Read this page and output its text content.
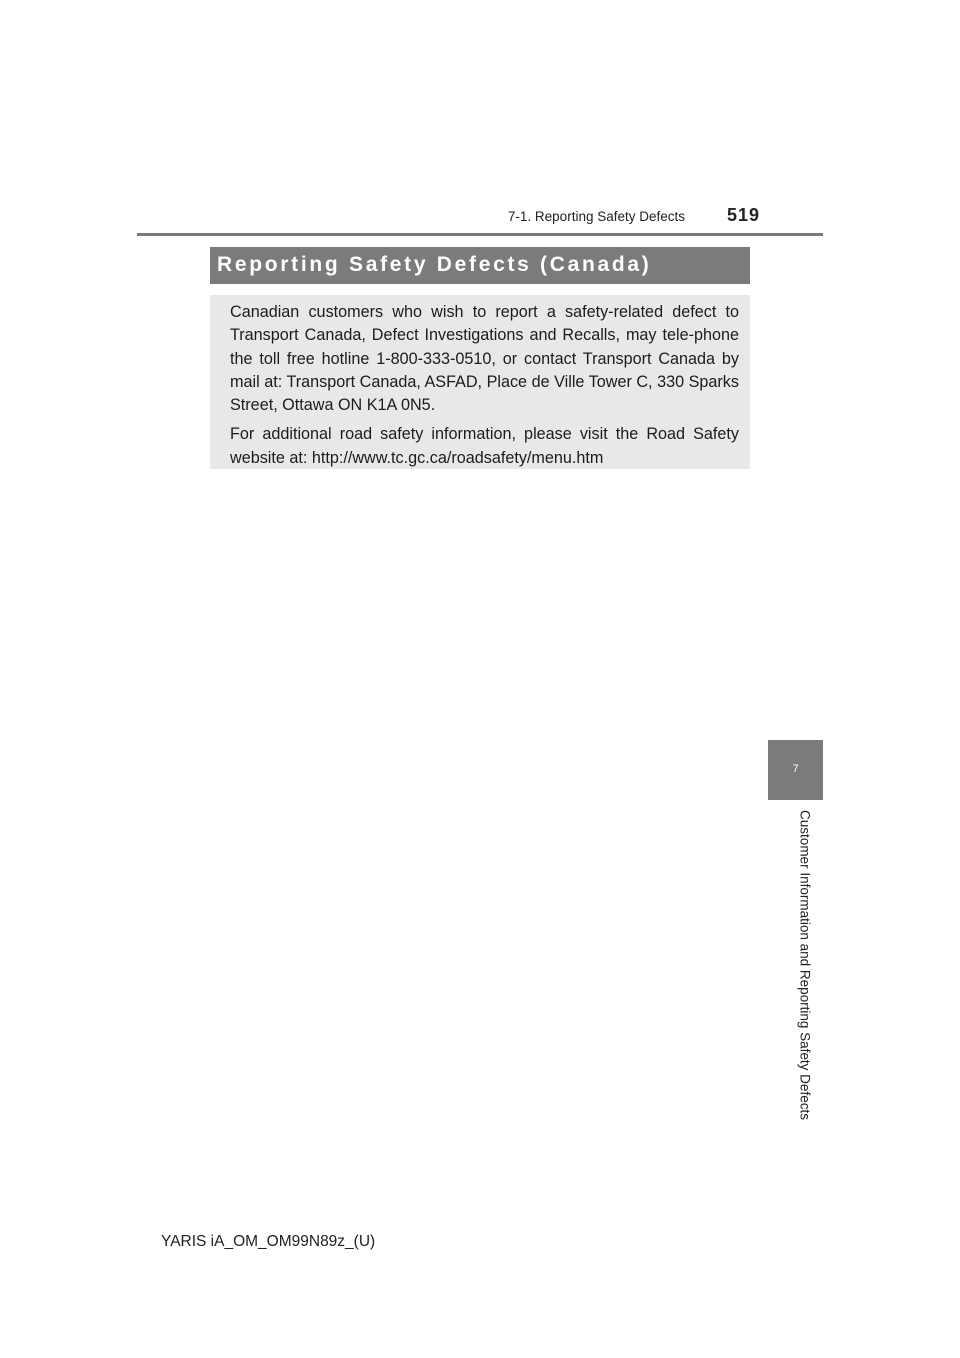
7-1. Reporting Safety Defects 519
Reporting Safety Defects (Canada)

Canadian customers who wish to report a safety-related defect to Transport Canada, Defect Investigations and Recalls, may tele-phone the toll free hotline 1-800-333-0510, or contact Transport Canada by mail at: Transport Canada, ASFAD, Place de Ville Tower C, 330 Sparks Street, Ottawa ON K1A 0N5.

For additional road safety information, please visit the Road Safety website at: http://www.tc.gc.ca/roadsafety/menu.htm

7
Customer Information and Reporting Safety Defects
YARIS iA_OM_OM99N89z_(U)
